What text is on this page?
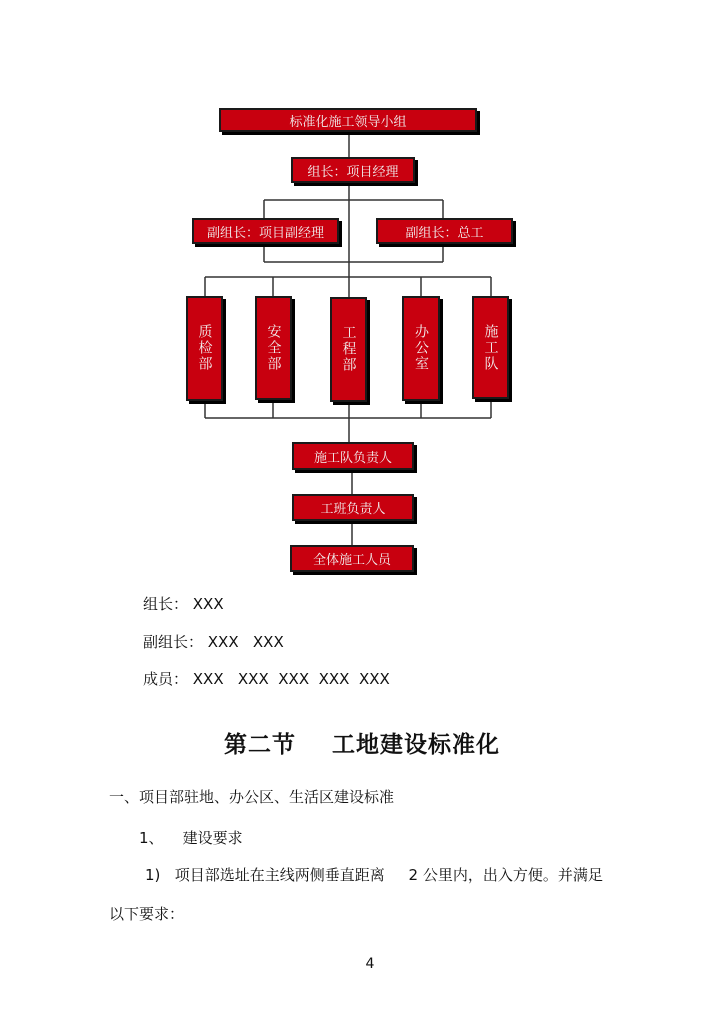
标准化施工领导小组
组长：项目经理
副组长：项目副经理	副组长：总工
质检部	安全部	工程部	办公室	施工队
施工队负责人
工班负责人
全体施工人员
组长： XXX
副组长： XXX   XXX
成员： XXX   XXX  XXX  XXX  XXX
第二节    工地建设标准化
一、项目部驻地、办公区、生活区建设标准
1、    建设要求
1)   项目部选址在主线两侧垂直距离     2 公里内，出入方便。并满足
以下要求：
4
